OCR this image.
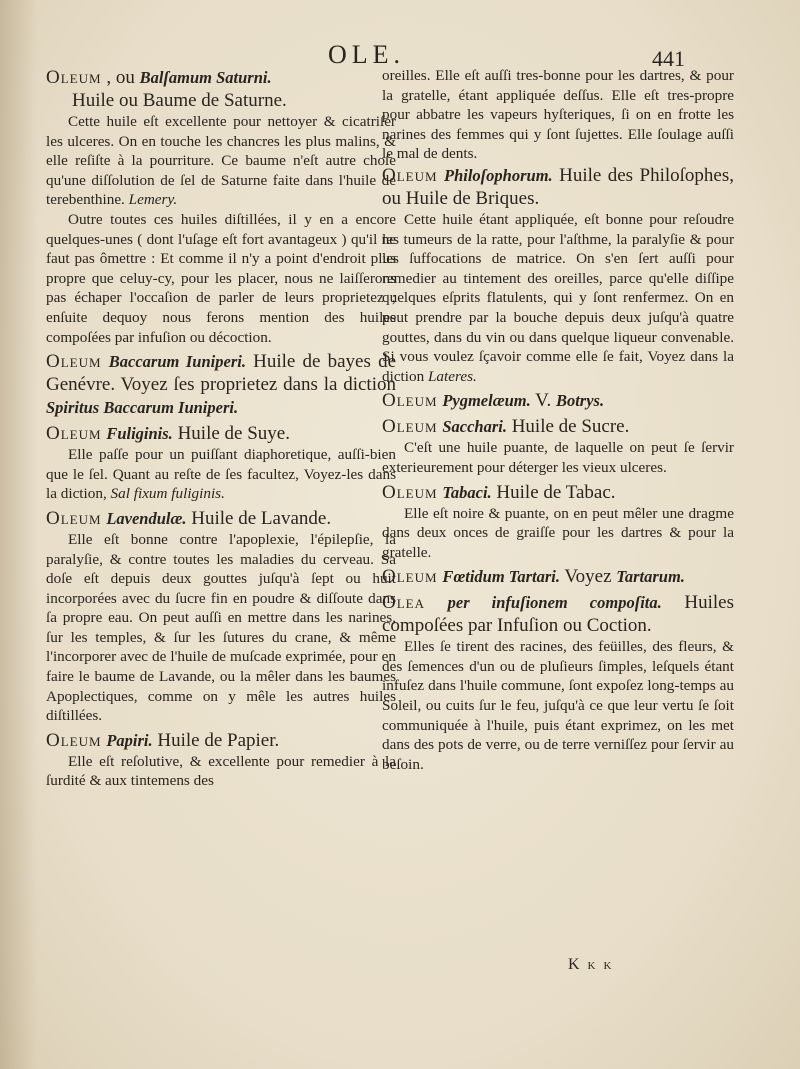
OLE.	441

Oleum , ou Balſamum Saturni.
Huile ou Baume de Saturne.

Cette huile eſt excellente pour nettoyer & cicatriſer les ulceres. On en touche les chancres les plus malins, & elle reſiſte à la pourriture. Ce baume n'eſt autre choſe qu'une diſſolution de ſel de Saturne faite dans l'huile de terebenthine. Lemery.

Outre toutes ces huiles diſtillées, il y en a encore quelques-unes ( dont l'uſage eſt fort avantageux ) qu'il ne faut pas ômettre : Et comme il n'y a point d'endroit plus propre que celuy-cy, pour les placer, nous ne laiſſerons pas échaper l'occaſion de parler de leurs proprietez ; enſuite dequoy nous ferons mention des huiles compoſées par infuſion ou décoction.

Oleum Baccarum Iuniperi. Huile de bayes de Genévre. Voyez ſes proprietez dans la diction Spiritus Baccarum Iuniperi.

Oleum Fuliginis. Huile de Suye.

Elle paſſe pour un puiſſant diaphoretique, auſſi-bien que le ſel. Quant au reſte de ſes facultez, Voyez-les dans la diction, Sal fixum fuliginis.

Oleum Lavendulæ. Huile de Lavande.

Elle eſt bonne contre l'apoplexie, l'épilepſie, la paralyſie, & contre toutes les maladies du cerveau. Sa doſe eſt depuis deux gouttes juſqu'à ſept ou huit incorporées avec du ſucre fin en poudre & diſſoute dans ſa propre eau. On peut auſſi en mettre dans les narines, ſur les temples, & ſur les ſutures du crane, & même l'incorporer avec de l'huile de muſcade exprimée, pour en faire le baume de Lavande, ou la mêler dans les baumes Apoplectiques, comme on y mêle les autres huiles diſtillées.

Oleum Papiri. Huile de Papier.

Elle eſt reſolutive, & excellente pour remedier à la ſurdité & aux tintemens des

oreilles. Elle eſt auſſi tres-bonne pour les dartres, & pour la gratelle, étant appliquée deſſus. Elle eſt tres-propre pour abbatre les vapeurs hyſteriques, ſi on en frotte les narines des femmes qui y ſont ſujettes. Elle ſoulage auſſi le mal de dents.

Oleum Philoſophorum. Huile des Philoſophes, ou Huile de Briques.

Cette huile étant appliquée, eſt bonne pour reſoudre les tumeurs de la ratte, pour l'aſthme, la paralyſie & pour les ſuffocations de matrice. On s'en ſert auſſi pour remedier au tintement des oreilles, parce qu'elle diſſipe quelques eſprits flatulents, qui y ſont renfermez. On en peut prendre par la bouche depuis deux juſqu'à quatre gouttes, dans du vin ou dans quelque liqueur convenable. Si vous voulez ſçavoir comme elle ſe fait, Voyez dans la diction Lateres.

Oleum Pygmelæum. V. Botrys.

Oleum Sacchari. Huile de Sucre.

C'eſt une huile puante, de laquelle on peut ſe ſervir exterieurement pour déterger les vieux ulceres.

Oleum Tabaci. Huile de Tabac.

Elle eſt noire & puante, on en peut mêler une dragme dans deux onces de graiſſe pour les dartres & pour la gratelle.

Oleum Fœtidum Tartari. Voyez Tartarum.

Olea per infuſionem compoſita. Huiles compoſées par Infuſion ou Coction.

Elles ſe tirent des racines, des feüilles, des fleurs, & des ſemences d'un ou de pluſieurs ſimples, leſquels étant infuſez dans l'huile commune, ſont expoſez long-temps au Soleil, ou cuits ſur le feu, juſqu'à ce que leur vertu ſe ſoit communiquée à l'huile, puis étant exprimez, on les met dans des pots de verre, ou de terre verniſſez pour ſervir au beſoin.

K k k
